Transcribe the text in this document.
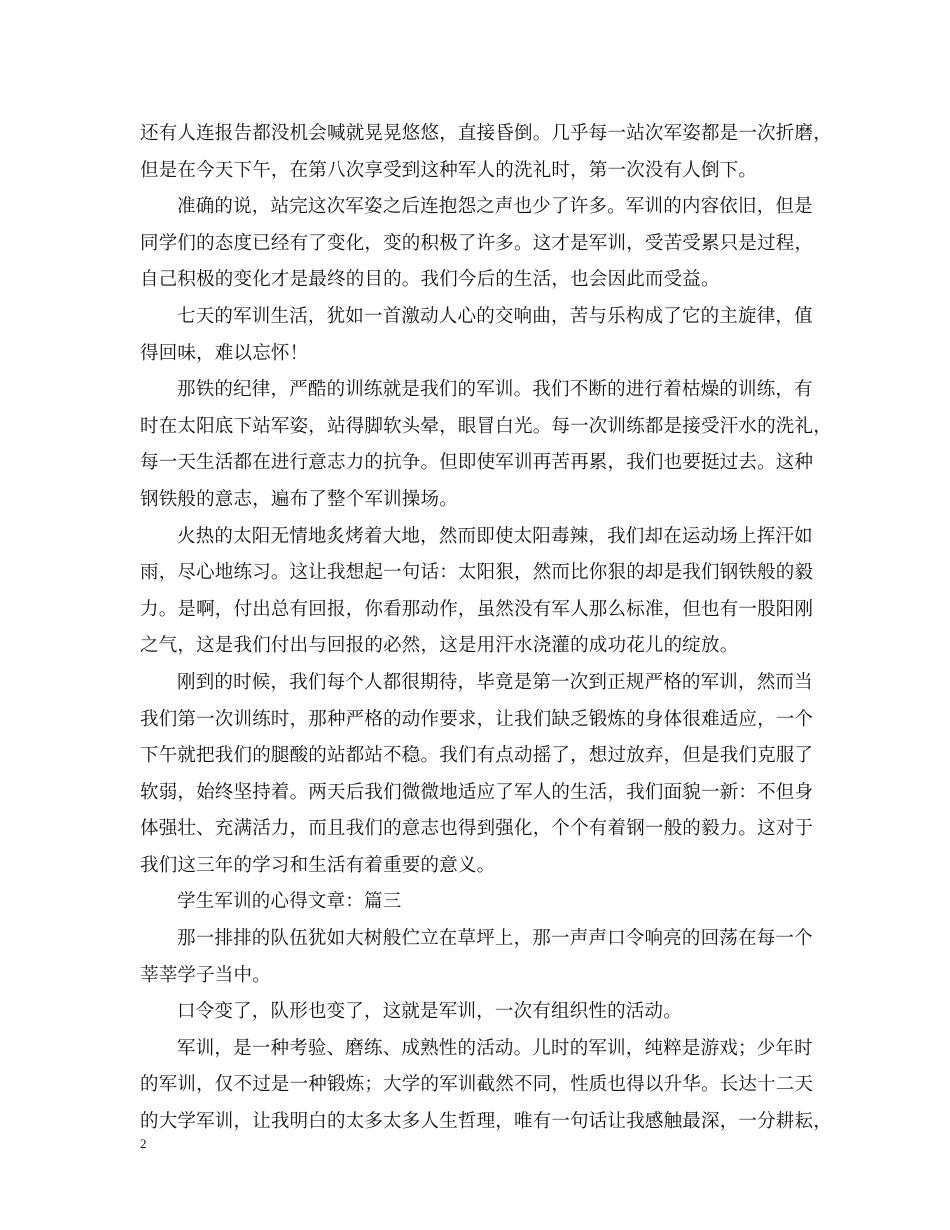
还有人连报告都没机会喊就晃晃悠悠，直接昏倒。几乎每一站次军姿都是一次折磨，
但是在今天下午，在第八次享受到这种军人的洗礼时，第一次没有人倒下。
准确的说，站完这次军姿之后连抱怨之声也少了许多。军训的内容依旧，但是
同学们的态度已经有了变化，变的积极了许多。这才是军训，受苦受累只是过程，
自己积极的变化才是最终的目的。我们今后的生活，也会因此而受益。
七天的军训生活，犹如一首激动人心的交响曲，苦与乐构成了它的主旋律，值
得回味，难以忘怀！
那铁的纪律，严酷的训练就是我们的军训。我们不断的进行着枯燥的训练，有
时在太阳底下站军姿，站得脚软头晕，眼冒白光。每一次训练都是接受汗水的洗礼，
每一天生活都在进行意志力的抗争。但即使军训再苦再累，我们也要挺过去。这种
钢铁般的意志，遍布了整个军训操场。
火热的太阳无情地炙烤着大地，然而即使太阳毒辣，我们却在运动场上挥汗如
雨，尽心地练习。这让我想起一句话：太阳狠，然而比你狠的却是我们钢铁般的毅
力。是啊，付出总有回报，你看那动作，虽然没有军人那么标准，但也有一股阳刚
之气，这是我们付出与回报的必然，这是用汗水浇灌的成功花儿的绽放。
刚到的时候，我们每个人都很期待，毕竟是第一次到正规严格的军训，然而当
我们第一次训练时，那种严格的动作要求，让我们缺乏锻炼的身体很难适应，一个
下午就把我们的腿酸的站都站不稳。我们有点动摇了，想过放弃，但是我们克服了
软弱，始终坚持着。两天后我们微微地适应了军人的生活，我们面貌一新：不但身
体强壮、充满活力，而且我们的意志也得到强化，个个有着钢一般的毅力。这对于
我们这三年的学习和生活有着重要的意义。
学生军训的心得文章：篇三
那一排排的队伍犹如大树般伫立在草坪上，那一声声口令响亮的回荡在每一个
莘莘学子当中。
口令变了，队形也变了，这就是军训，一次有组织性的活动。
军训，是一种考验、磨练、成熟性的活动。儿时的军训，纯粹是游戏；少年时
的军训，仅不过是一种锻炼；大学的军训截然不同，性质也得以升华。长达十二天
的大学军训，让我明白的太多太多人生哲理，唯有一句话让我感触最深，一分耕耘，
2
